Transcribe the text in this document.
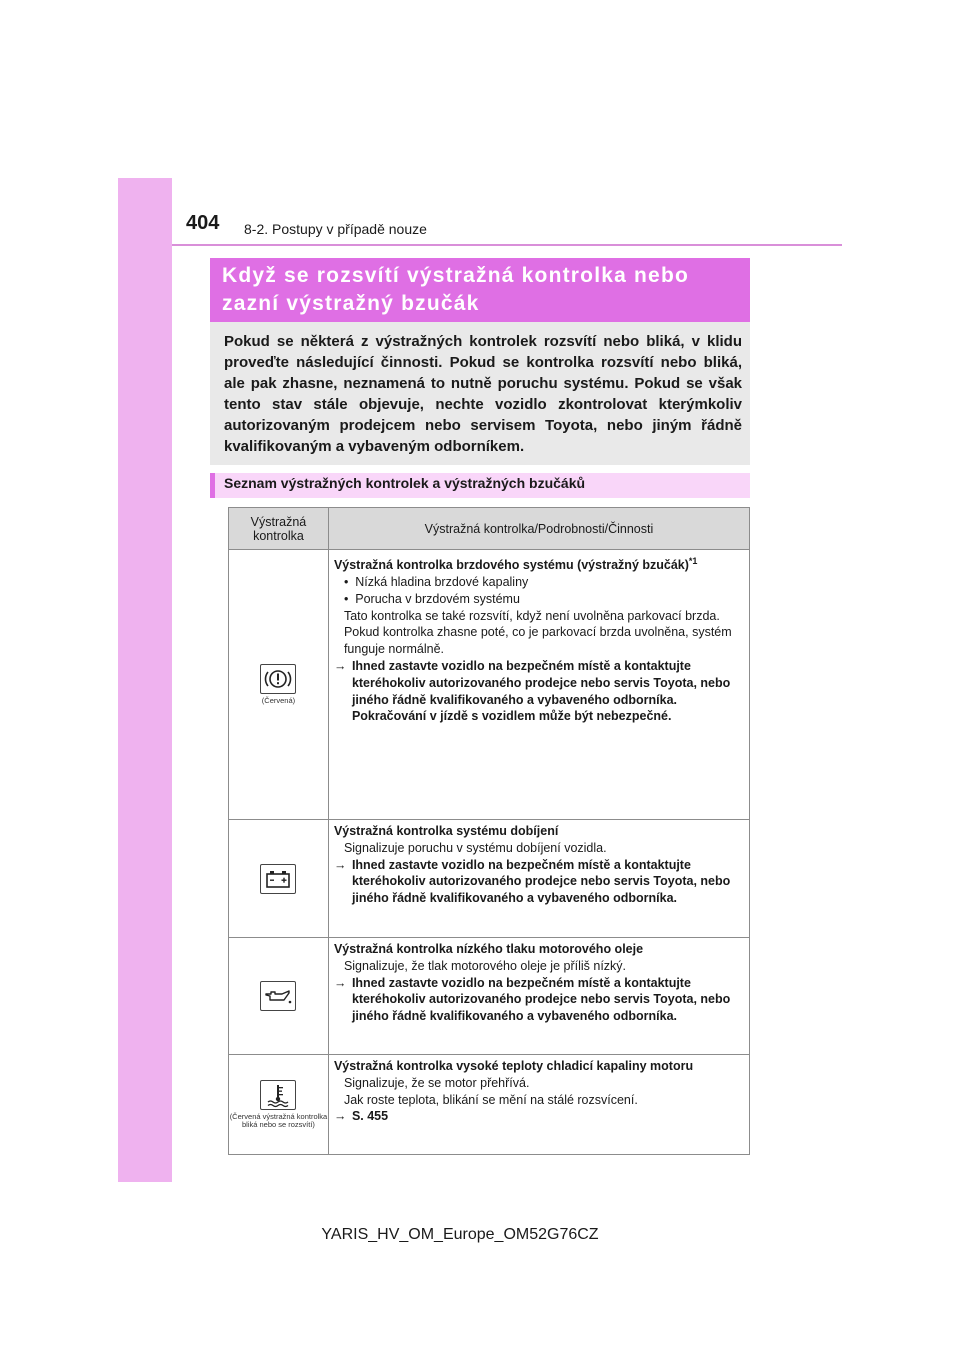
404 8-2. Postupy v případě nouze
Když se rozsvítí výstražná kontrolka nebo
zazní výstražný bzučák

Pokud se některá z výstražných kontrolek rozsvítí nebo bliká, v klidu proveďte následující činnosti. Pokud se kontrolka rozsvítí nebo bliká, ale pak zhasne, neznamená to nutně poruchu systému. Pokud se však tento stav stále objevuje, nechte vozidlo zkontrolovat kterýmkoliv autorizovaným prodejcem nebo servisem Toyota, nebo jiným řádně kvalifikovaným a vybaveným odborníkem.

Seznam výstražných kontrolek a výstražných bzučáků
Výstražná kontrolka	Výstražná kontrolka/Podrobnosti/Činnosti

(Červená)	Výstražná kontrolka brzdového systému (výstražný bzučák)$^{*1}$
•  Nízká hladina brzdové kapaliny
•  Porucha v brzdovém systému
Tato kontrolka se také rozsvítí, když není uvolněna parkovací brzda. Pokud kontrolka zhasne poté, co je parkovací brzda uvolněna, systém funguje normálně.
→ Ihned zastavte vozidlo na bezpečném místě a kontaktujte kteréhokoliv autorizovaného prodejce nebo servis Toyota, nebo jiného řádně kvalifikovaného a vybaveného odborníka. Pokračování v jízdě s vozidlem může být nebezpečné.

Výstražná kontrolka systému dobíjení
Signalizuje poruchu v systému dobíjení vozidla.
→ Ihned zastavte vozidlo na bezpečném místě a kontaktujte kteréhokoliv autorizovaného prodejce nebo servis Toyota, nebo jiného řádně kvalifikovaného a vybaveného odborníka.

Výstražná kontrolka nízkého tlaku motorového oleje
Signalizuje, že tlak motorového oleje je příliš nízký.
→ Ihned zastavte vozidlo na bezpečném místě a kontaktujte kteréhokoliv autorizovaného prodejce nebo servis Toyota, nebo jiného řádně kvalifikovaného a vybaveného odborníka.

(Červená výstražná kontrolka bliká nebo se rozsvítí)	Výstražná kontrolka vysoké teploty chladicí kapaliny motoru
Signalizuje, že se motor přehřívá.
Jak roste teplota, blikání se mění na stálé rozsvícení.
→ S. 455
YARIS_HV_OM_Europe_OM52G76CZ
